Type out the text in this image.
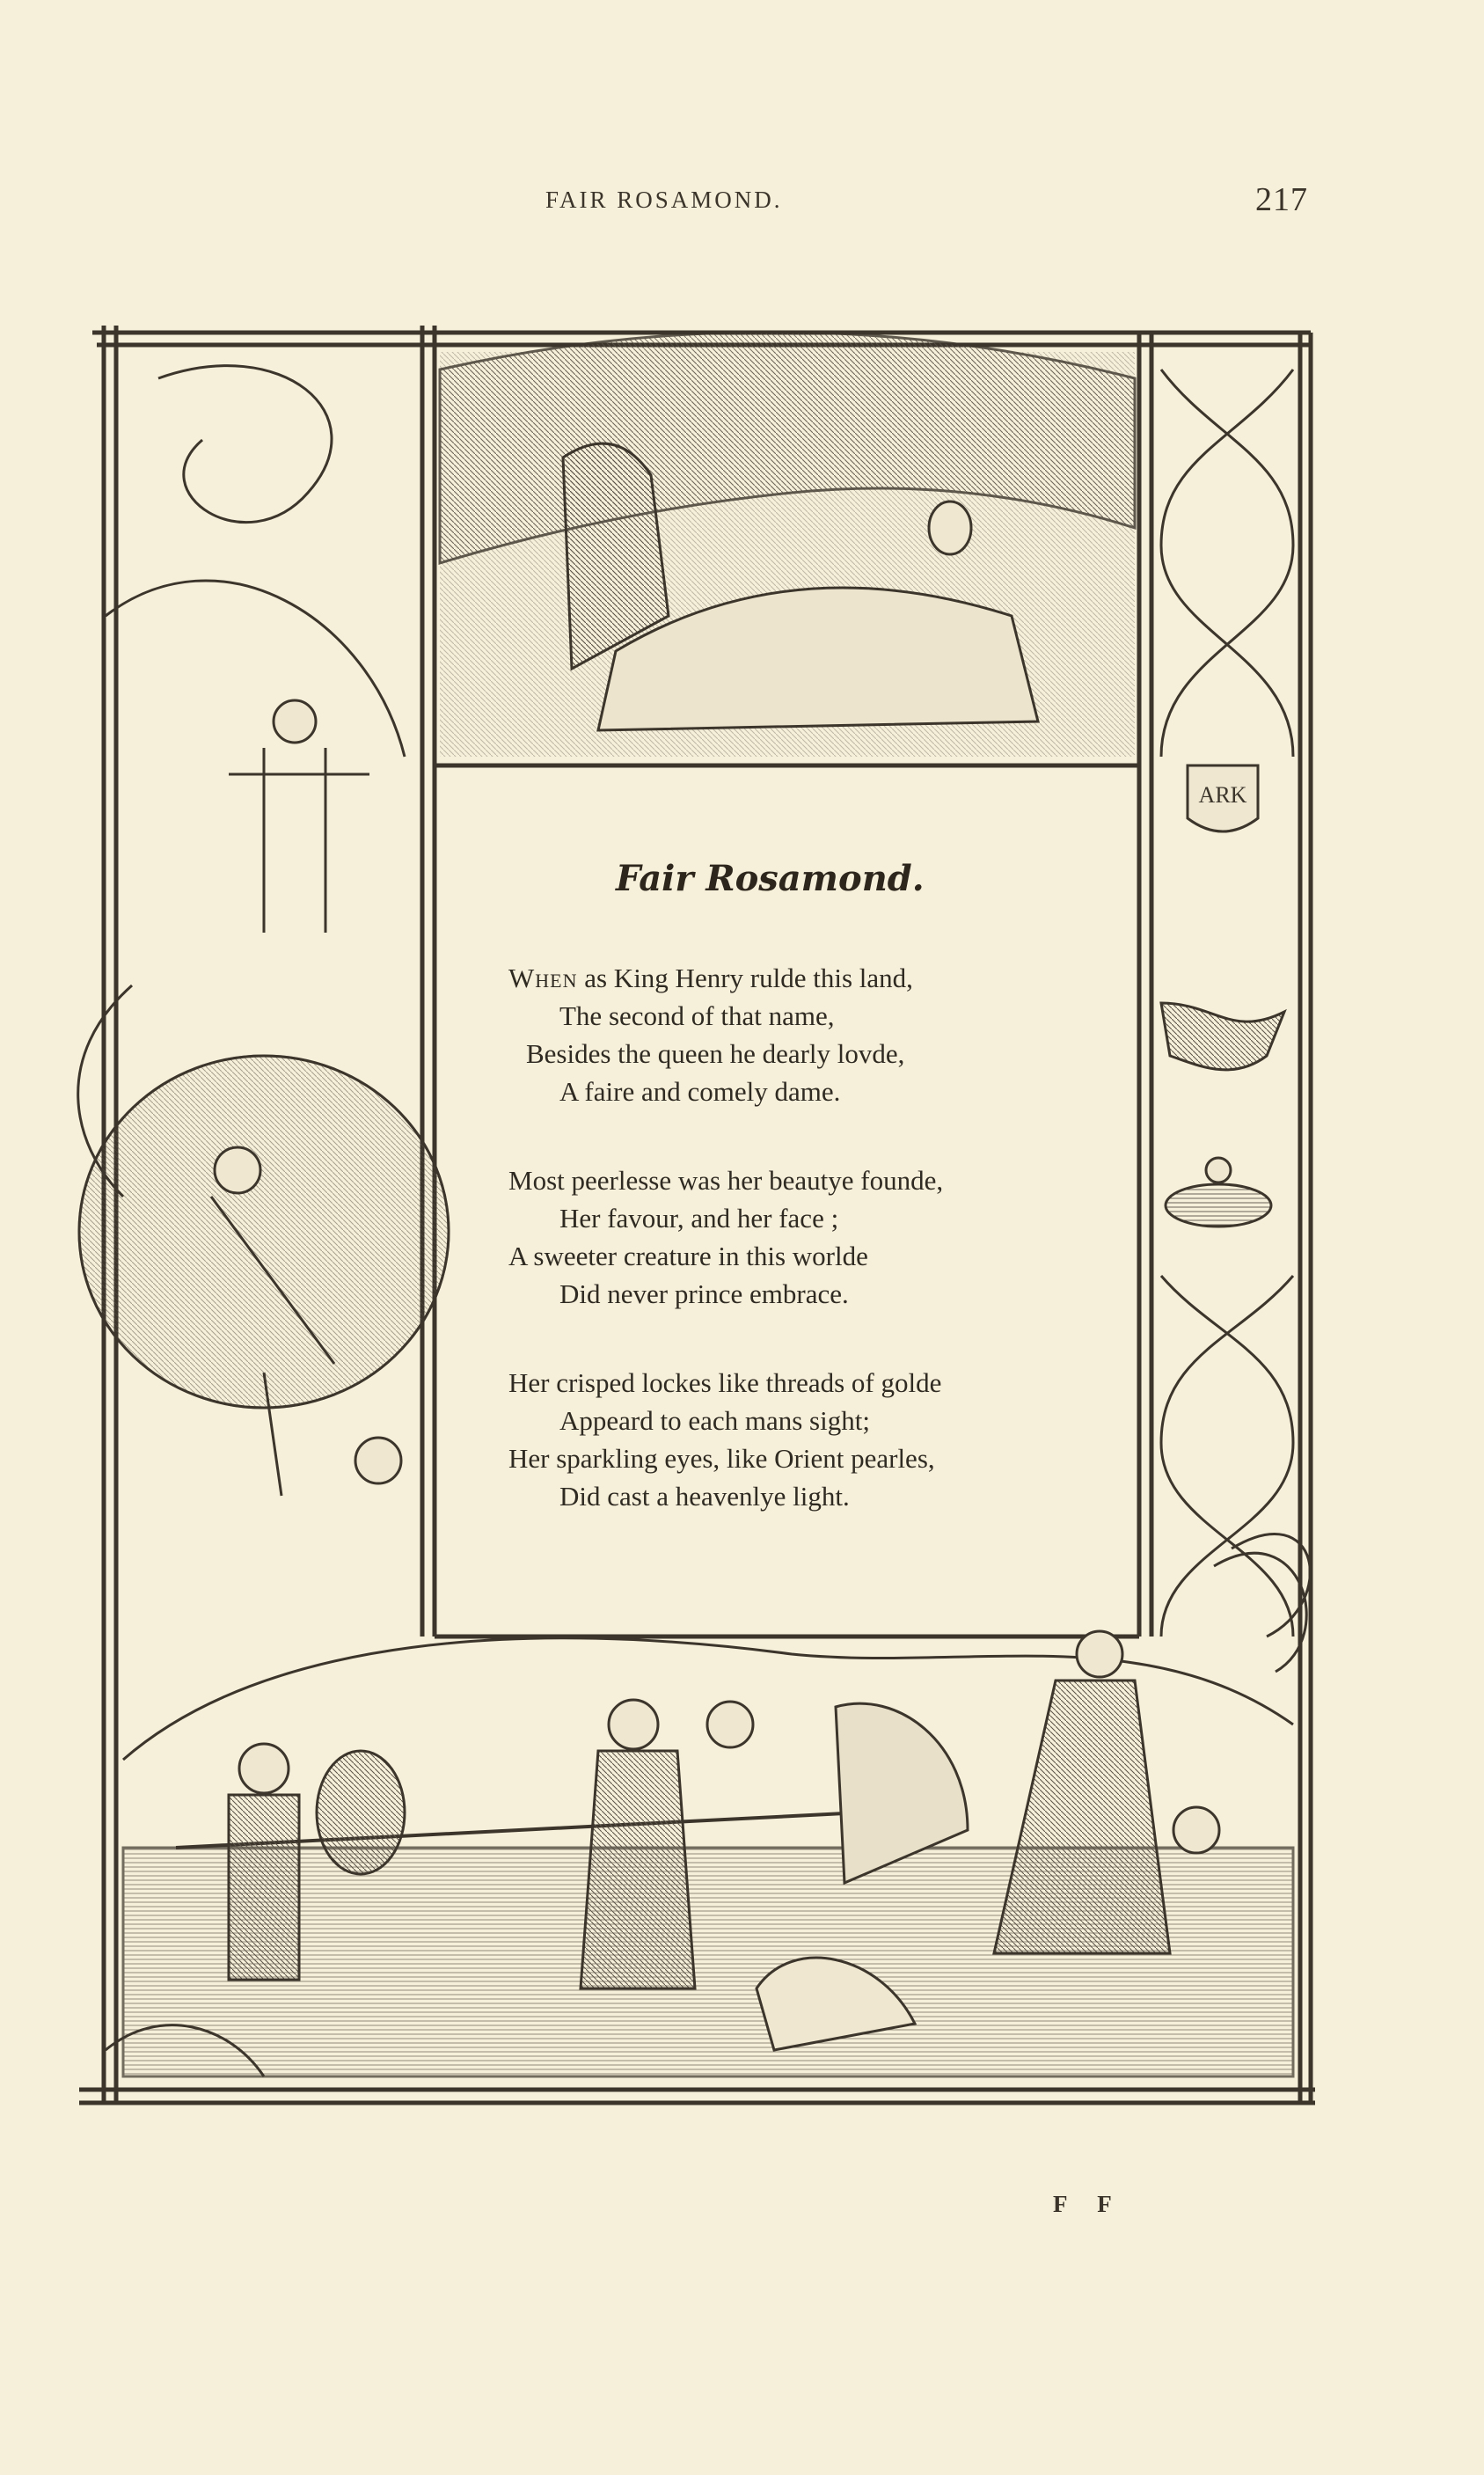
FAIR ROSAMOND.	217
ARK
Fair Rosamond.
When as King Henry rulde this land,
The second of that name,
Besides the queen he dearly lovde,
A faire and comely dame.
Most peerlesse was her beautye founde,
Her favour, and her face ;
A sweeter creature in this worlde
Did never prince embrace.
Her crisped lockes like threads of golde
Appeard to each mans sight;
Her sparkling eyes, like Orient pearles,
Did cast a heavenlye light.
F F
